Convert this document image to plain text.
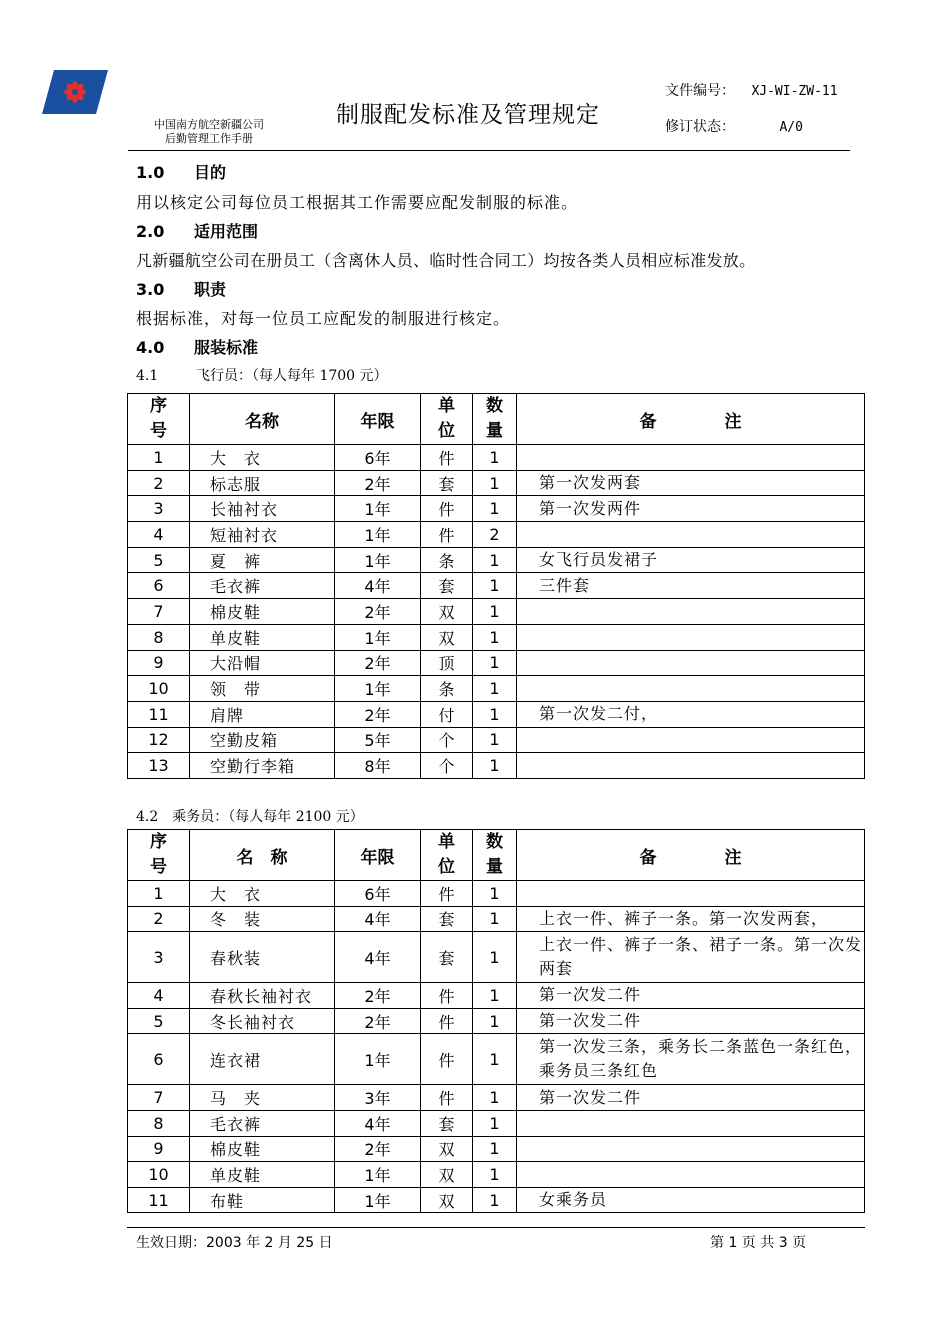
中国南方航空新疆公司
后勤管理工作手册
制服配发标准及管理规定
文件编号： XJ-WI-ZW-11
修订状态：	A/0
1.0 目的
用以核定公司每位员工根据其工作需要应配发制服的标准。
2.0 适用范围
凡新疆航空公司在册员工（含离休人员、临时性合同工）均按各类人员相应标准发放。
3.0 职责
根据标准，对每一位员工应配发的制服进行核定。
4.0 服装标准
4.1	飞行员：（每人每年 1700 元）
序号	名称	年限	单位	数量	备　　　　注
1	大　衣	6年	件	1	
2	标志服	2年	套	1	第一次发两套
3	长袖衬衣	1年	件	1	第一次发两件
4	短袖衬衣	1年	件	2	
5	夏　裤	1年	条	1	女飞行员发裙子
6	毛衣裤	4年	套	1	三件套
7	棉皮鞋	2年	双	1	
8	单皮鞋	1年	双	1	
9	大沿帽	2年	顶	1	
10	领　带	1年	条	1	
11	肩牌	2年	付	1	第一次发二付，
12	空勤皮箱	5年	个	1	
13	空勤行李箱	8年	个	1	
4.2　乘务员：（每人每年 2100 元）
序号	名　称	年限	单位	数量	备　　　　注
1	大　衣	6年	件	1	
2	冬　装	4年	套	1	上衣一件、裤子一条。第一次发两套，
3	春秋装	4年	套	1	上衣一件、裤子一条、裙子一条。第一次发两套
4	春秋长袖衬衣	2年	件	1	第一次发二件
5	冬长袖衬衣	2年	件	1	第一次发二件
6	连衣裙	1年	件	1	第一次发三条，乘务长二条蓝色一条红色，乘务员三条红色
7	马　夹	3年	件	1	第一次发二件
8	毛衣裤	4年	套	1	
9	棉皮鞋	2年	双	1	
10	单皮鞋	1年	双	1	
11	布鞋	1年	双	1	女乘务员
生效日期：2003 年 2 月 25 日	第 1 页 共 3 页
